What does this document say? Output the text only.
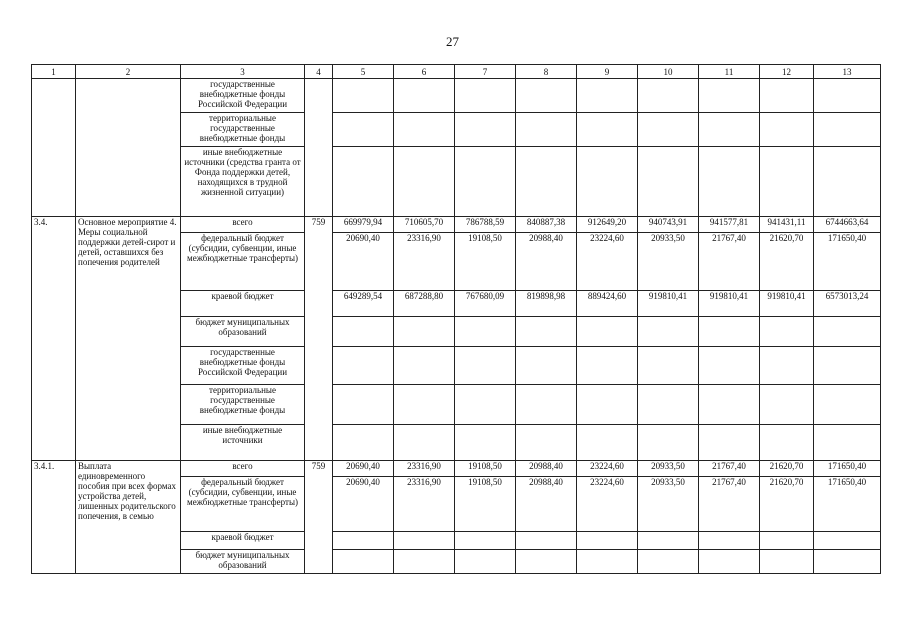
27
1	2	3	4	5	6	7	8	9	10	11	12	13
		государственные внебюджетные фонды Российской Федерации										
		территориальные государственные внебюджетные фонды										
		иные внебюджетные источники (средства гранта от Фонда поддержки детей, находящихся в трудной жизненной ситуации)										
3.4.	Основное мероприятие 4. Меры социальной поддержки детей-сирот и детей, оставшихся без попечения родителей	всего	759	669979,94	710605,70	786788,59	840887,38	912649,20	940743,91	941577,81	941431,11	6744663,64
		федеральный бюджет (субсидии, субвенции, иные межбюджетные трансферты)		20690,40	23316,90	19108,50	20988,40	23224,60	20933,50	21767,40	21620,70	171650,40
		краевой бюджет		649289,54	687288,80	767680,09	819898,98	889424,60	919810,41	919810,41	919810,41	6573013,24
		бюджет муниципальных образований										
		государственные внебюджетные фонды Российской Федерации										
		территориальные государственные внебюджетные фонды										
		иные внебюджетные источники										
3.4.1.	Выплата единовременного пособия при всех формах устройства детей, лишенных родительского попечения, в семью	всего	759	20690,40	23316,90	19108,50	20988,40	23224,60	20933,50	21767,40	21620,70	171650,40
		федеральный бюджет (субсидии, субвенции, иные межбюджетные трансферты)		20690,40	23316,90	19108,50	20988,40	23224,60	20933,50	21767,40	21620,70	171650,40
		краевой бюджет										
		бюджет муниципальных образований										
